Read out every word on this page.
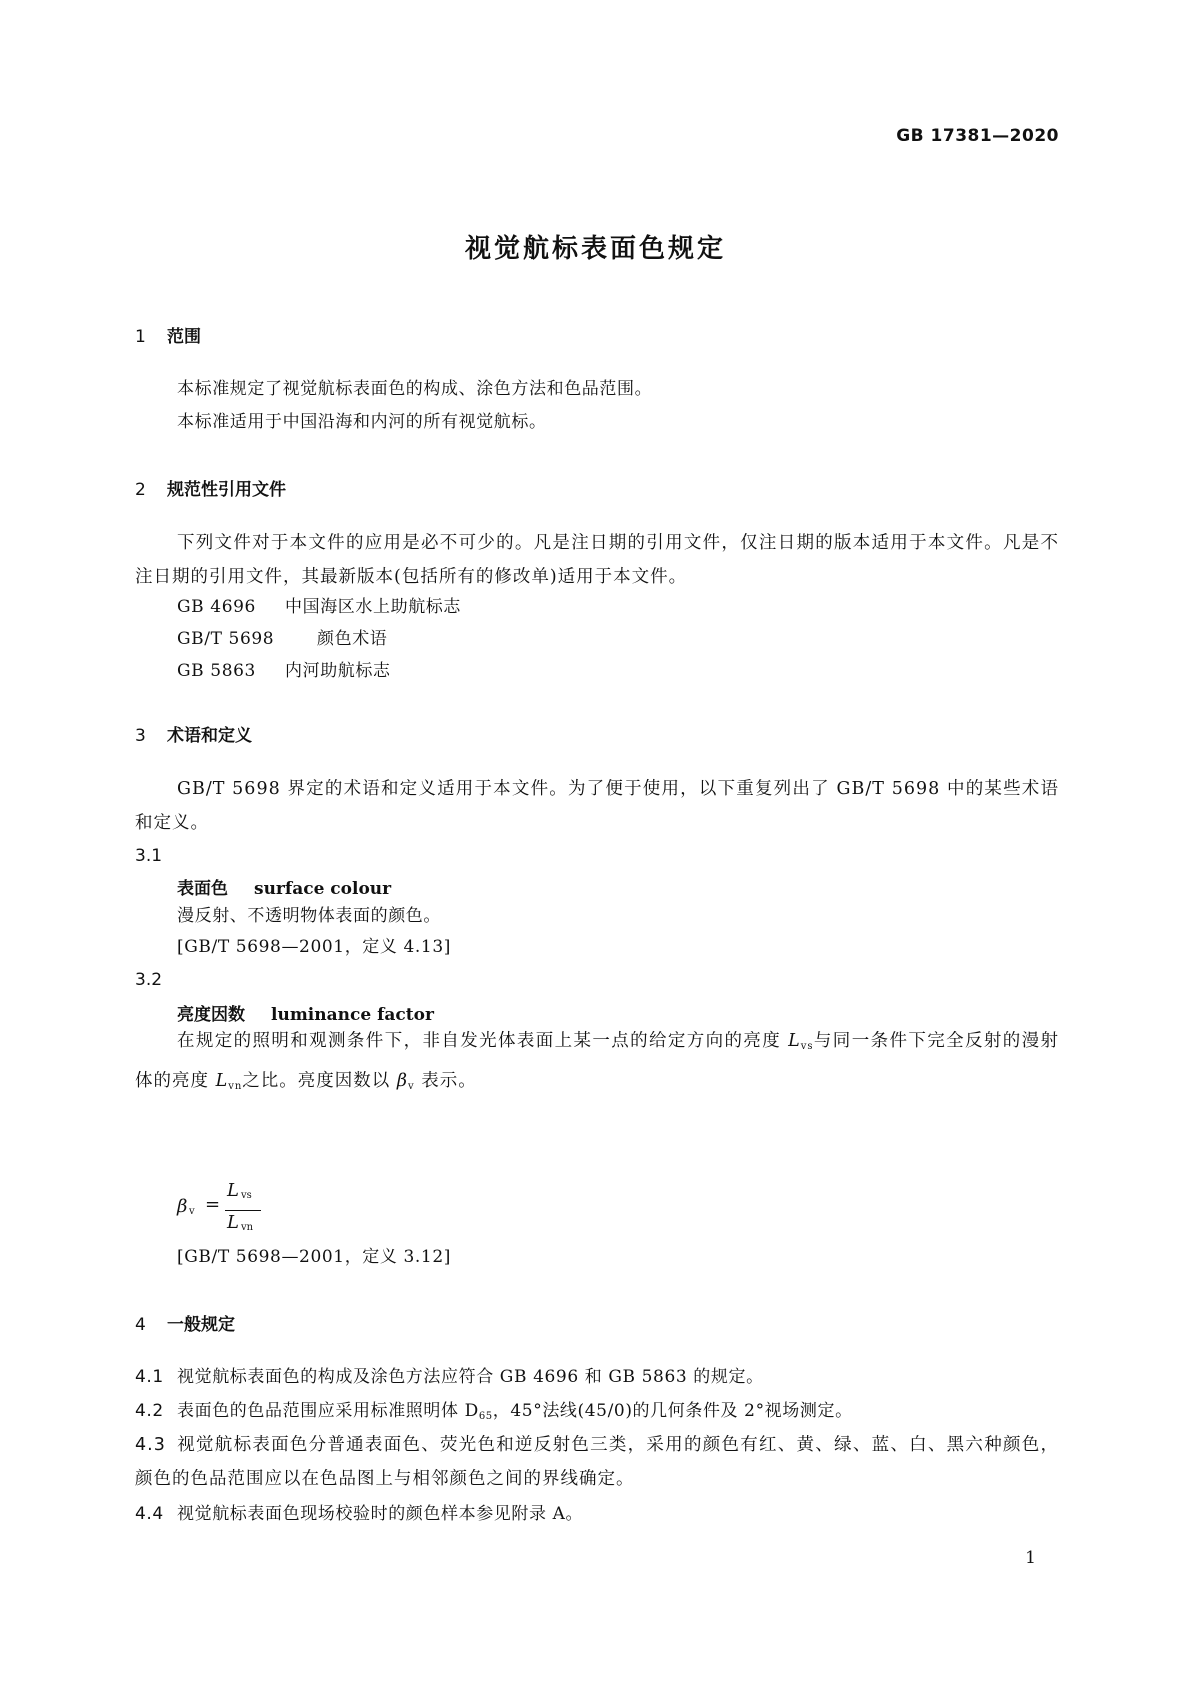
GB 17381—2020
视觉航标表面色规定
1 范围
本标准规定了视觉航标表面色的构成、涂色方法和色品范围。
本标准适用于中国沿海和内河的所有视觉航标。
2 规范性引用文件
下列文件对于本文件的应用是必不可少的。凡是注日期的引用文件，仅注日期的版本适用于本文件。凡是不注日期的引用文件，其最新版本(包括所有的修改单)适用于本文件。
GB 4696 中国海区水上助航标志
GB/T 5698	颜色术语
GB 5863 内河助航标志
3 术语和定义
GB/T 5698 界定的术语和定义适用于本文件。为了便于使用，以下重复列出了 GB/T 5698 中的某些术语和定义。
3.1
表面色 surface colour
漫反射、不透明物体表面的颜色。
[GB/T 5698—2001，定义 4.13]
3.2
亮度因数 luminance factor
在规定的照明和观测条件下，非自发光体表面上某一点的给定方向的亮度 $L_{vs}$与同一条件下完全反射的漫射体的亮度 $L_{vn}$之比。亮度因数以 $\beta_v$ 表示。
β v =
L vs
L vn
[GB/T 5698—2001，定义 3.12]
4 一般规定
4.1 视觉航标表面色的构成及涂色方法应符合 GB 4696 和 GB 5863 的规定。
4.2 表面色的色品范围应采用标准照明体 $D_{65}$，45°法线(45/0)的几何条件及 2°视场测定。
4.3 视觉航标表面色分普通表面色、荧光色和逆反射色三类，采用的颜色有红、黄、绿、蓝、白、黑六种颜色，颜色的色品范围应以在色品图上与相邻颜色之间的界线确定。
4.4 视觉航标表面色现场校验时的颜色样本参见附录 A。
1
